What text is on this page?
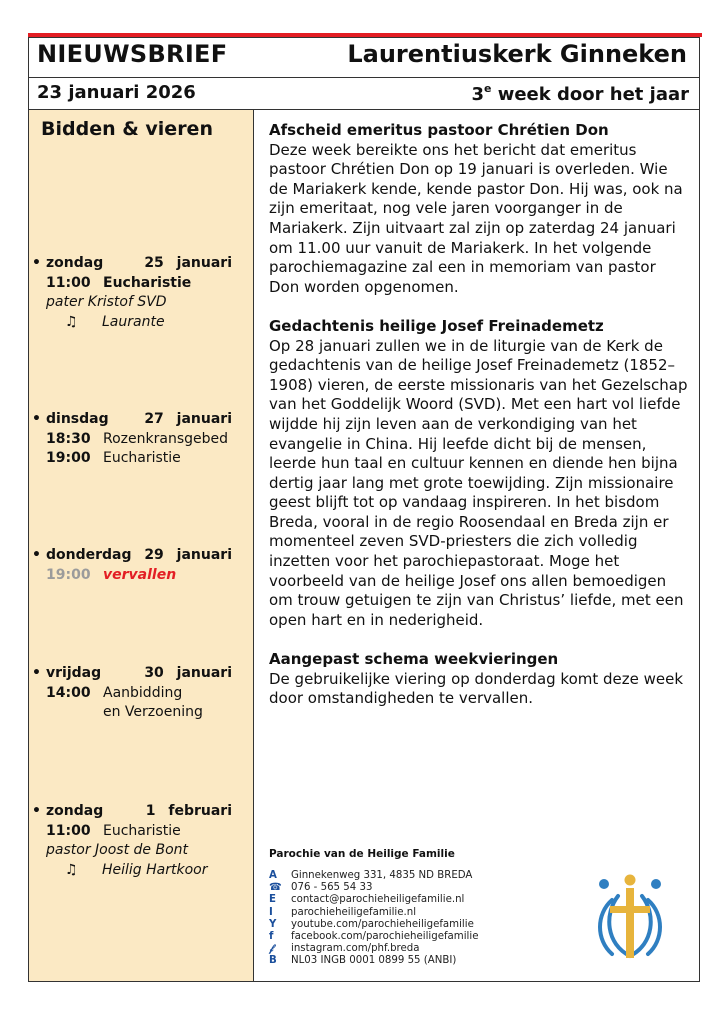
NIEUWSBRIEF	Laurentiuskerk Ginneken
23 januari 2026	3e week door het jaar
Bidden & vieren
• zondag	25 januari
11:00 Eucharistie
pater Kristof SVD
♫ Laurante
• dinsdag	27 januari
18:30 Rozenkransgebed
19:00 Eucharistie
• donderdag 29 januari
19:00 vervallen
• vrijdag	30 januari
14:00 Aanbidding
en Verzoening
• zondag	1 februari
11:00 Eucharistie
pastor Joost de Bont
♫ Heilig Hartkoor
Afscheid emeritus pastoor Chrétien Don

Deze week bereikte ons het bericht dat emeritus pastoor Chrétien Don op 19 januari is overleden. Wie de Mariakerk kende, kende pastor Don. Hij was, ook na zijn emeritaat, nog vele jaren voorganger in de Mariakerk. Zijn uitvaart zal zijn op zaterdag 24 januari om 11.00 uur vanuit de Mariakerk. In het volgende parochiemagazine zal een in memoriam van pastor Don worden opgenomen.

Gedachtenis heilige Josef Freinademetz

Op 28 januari zullen we in de liturgie van de Kerk de gedachtenis van de heilige Josef Freinademetz (1852–1908) vieren, de eerste missionaris van het Gezelschap van het Goddelijk Woord (SVD). Met een hart vol liefde wijdde hij zijn leven aan de verkondiging van het evangelie in China. Hij leefde dicht bij de mensen, leerde hun taal en cultuur kennen en diende hen bijna dertig jaar lang met grote toewijding. Zijn missionaire geest blijft tot op vandaag inspireren. In het bisdom Breda, vooral in de regio Roosendaal en Breda zijn er momenteel zeven SVD-priesters die zich volledig inzetten voor het parochiepastoraat. Moge het voorbeeld van de heilige Josef ons allen bemoedigen om trouw getuigen te zijn van Christus’ liefde, met een open hart en in nederigheid.

Aangepast schema weekvieringen

De gebruikelijke viering op donderdag komt deze week door omstandigheden te vervallen.

Parochie van de Heilige Familie
A	Ginnekenweg 331, 4835 ND BREDA
☎ 076 - 565 54 33
E	contact@parochieheiligefamilie.nl
I	parochieheiligefamilie.nl
Y	youtube.com/parochieheiligefamilie
f	facebook.com/parochieheiligefamilie
𝒻	instagram.com/phf.breda
B	NL03 INGB 0001 0899 55 (ANBI)
